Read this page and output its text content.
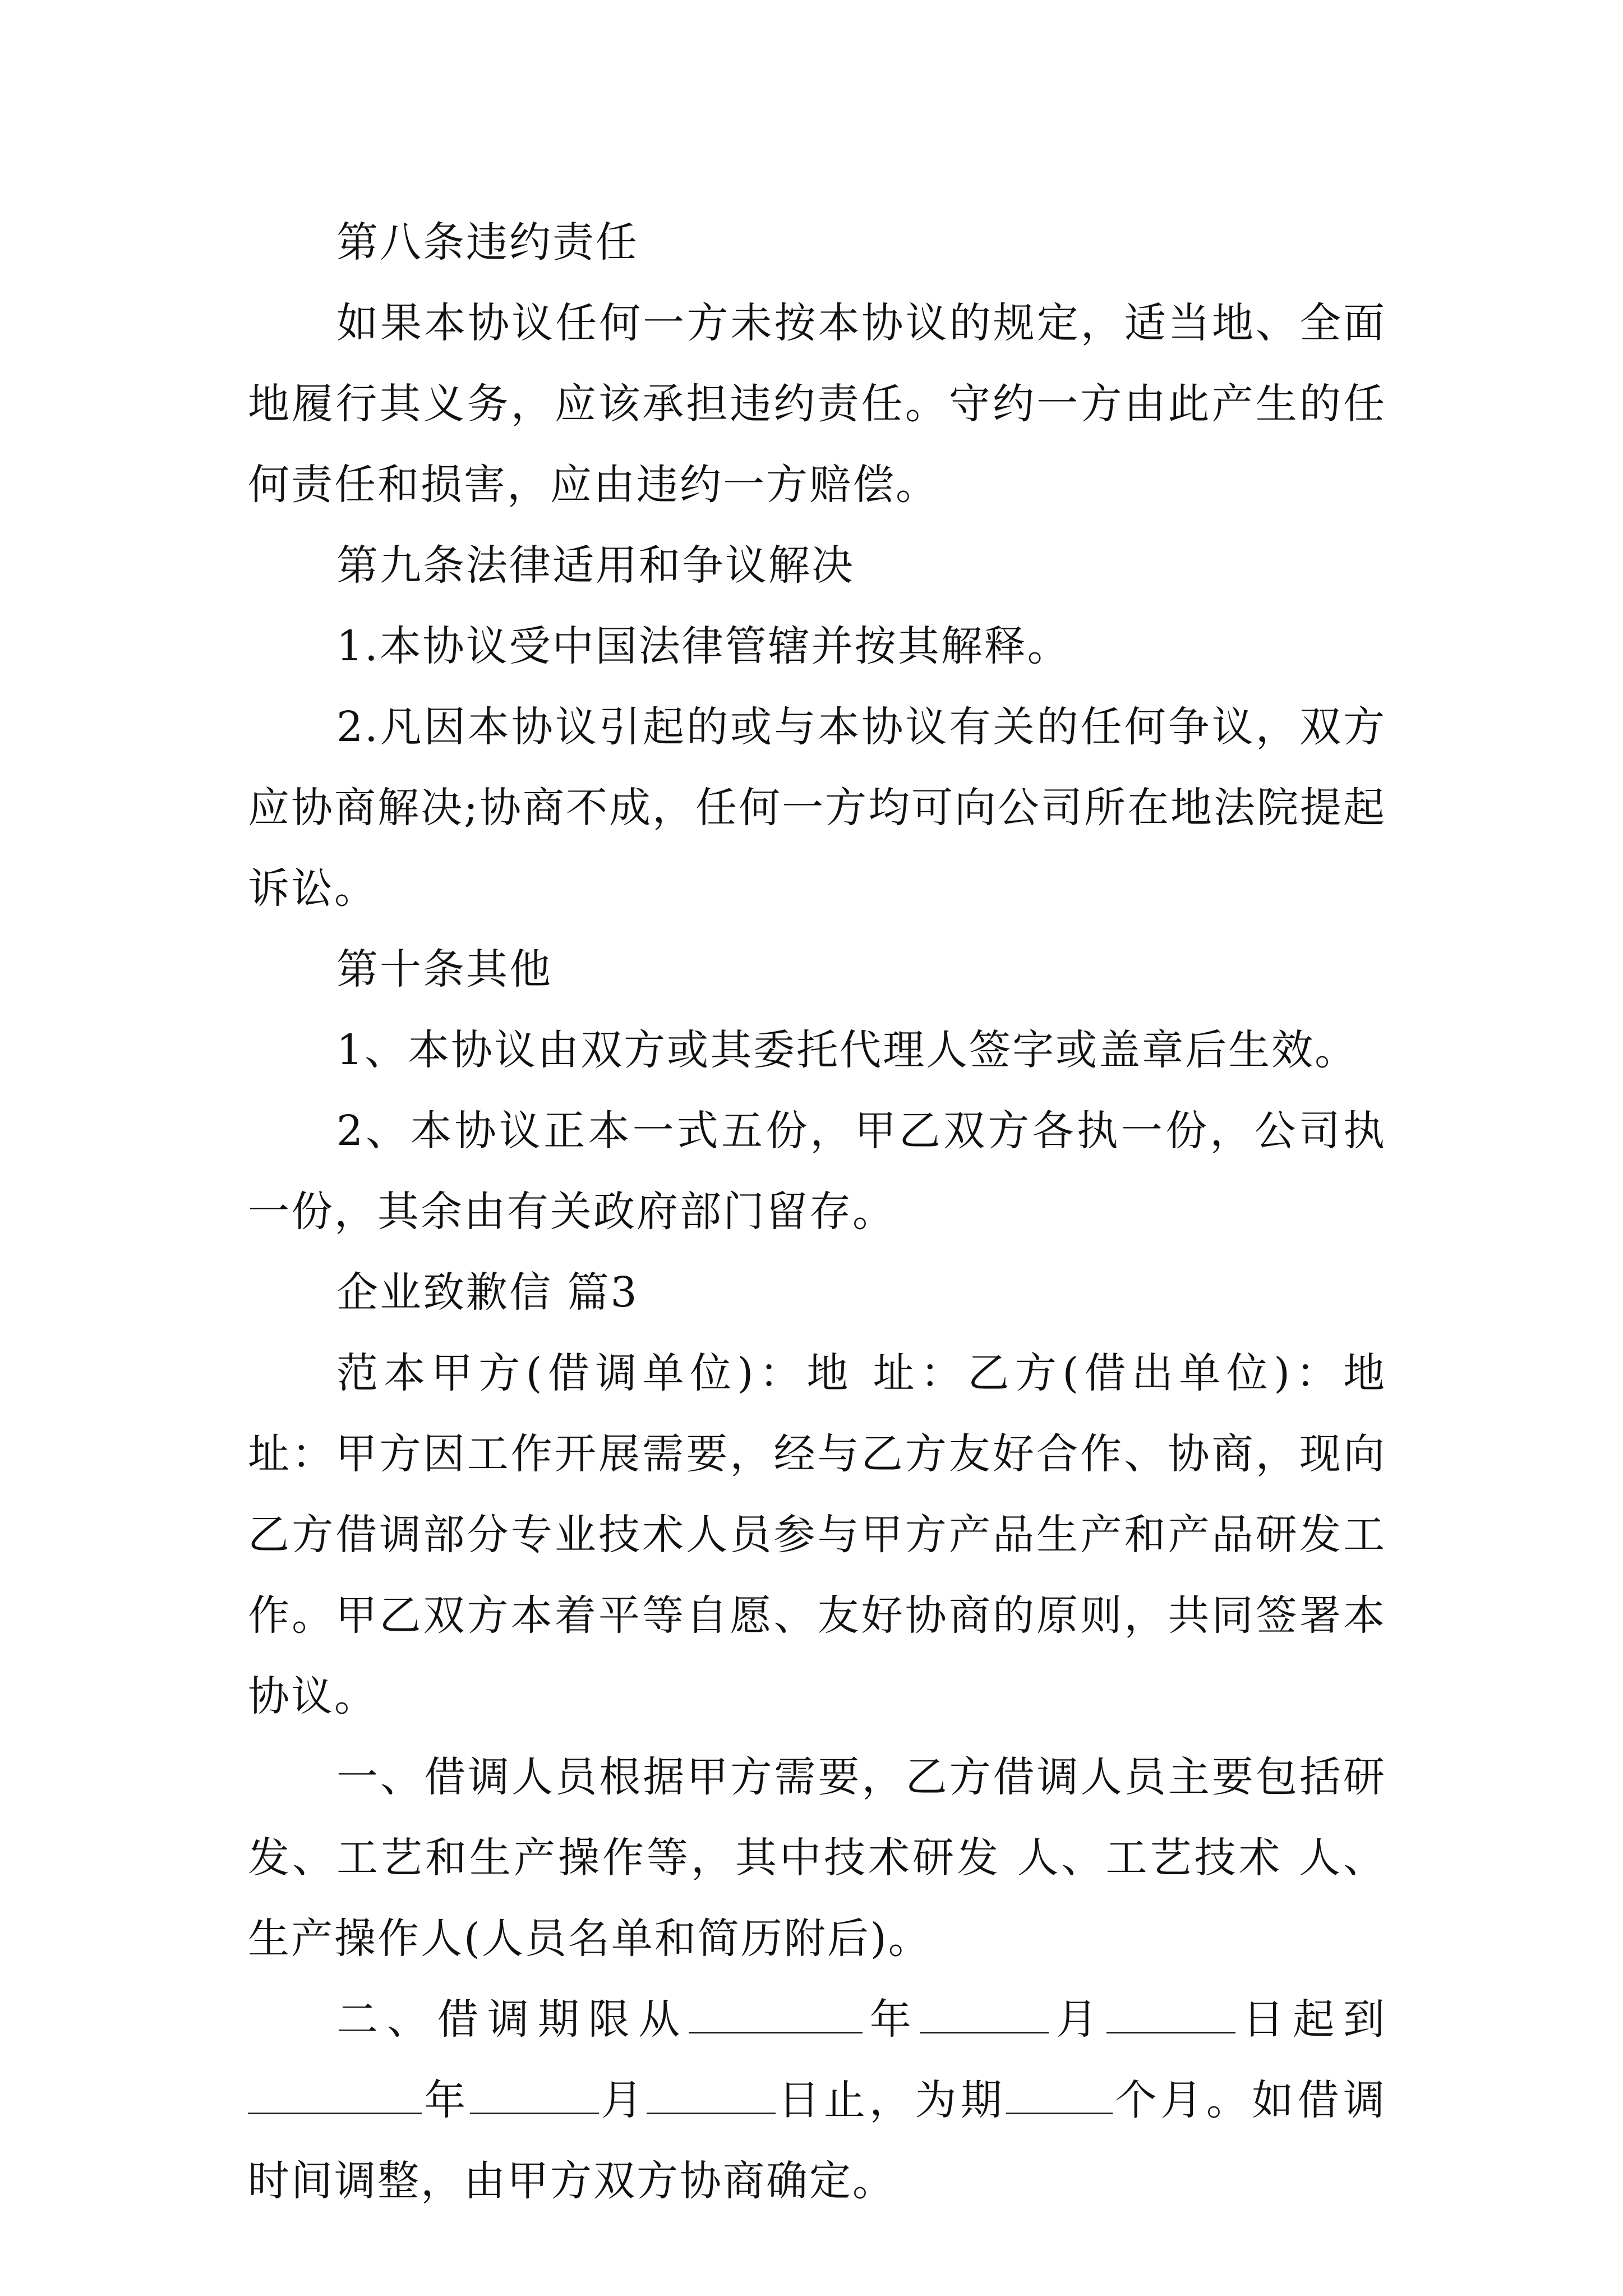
第八条违约责任

如果本协议任何一方未按本协议的规定，适当地、全面地履行其义务，应该承担违约责任。守约一方由此产生的任何责任和损害，应由违约一方赔偿。

第九条法律适用和争议解决

1.本协议受中国法律管辖并按其解释。

2.凡因本协议引起的或与本协议有关的任何争议，双方应协商解决;协商不成，任何一方均可向公司所在地法院提起诉讼。

第十条其他

1、本协议由双方或其委托代理人签字或盖章后生效。

2、本协议正本一式五份，甲乙双方各执一份，公司执一份，其余由有关政府部门留存。

企业致歉信 篇3

范本甲方(借调单位)：地 址：乙方(借出单位)：地 址：甲方因工作开展需要，经与乙方友好合作、协商，现向乙方借调部分专业技术人员参与甲方产品生产和产品研发工作。甲乙双方本着平等自愿、友好协商的原则，共同签署本协议。

一、借调人员根据甲方需要，乙方借调人员主要包括研发、工艺和生产操作等，其中技术研发 人、工艺技术 人、生产操作人(人员名单和简历附后)。

二、借调期限从	年	月	日起到年	月	日止，为期	个月。如借调时间调整，由甲方双方协商确定。
